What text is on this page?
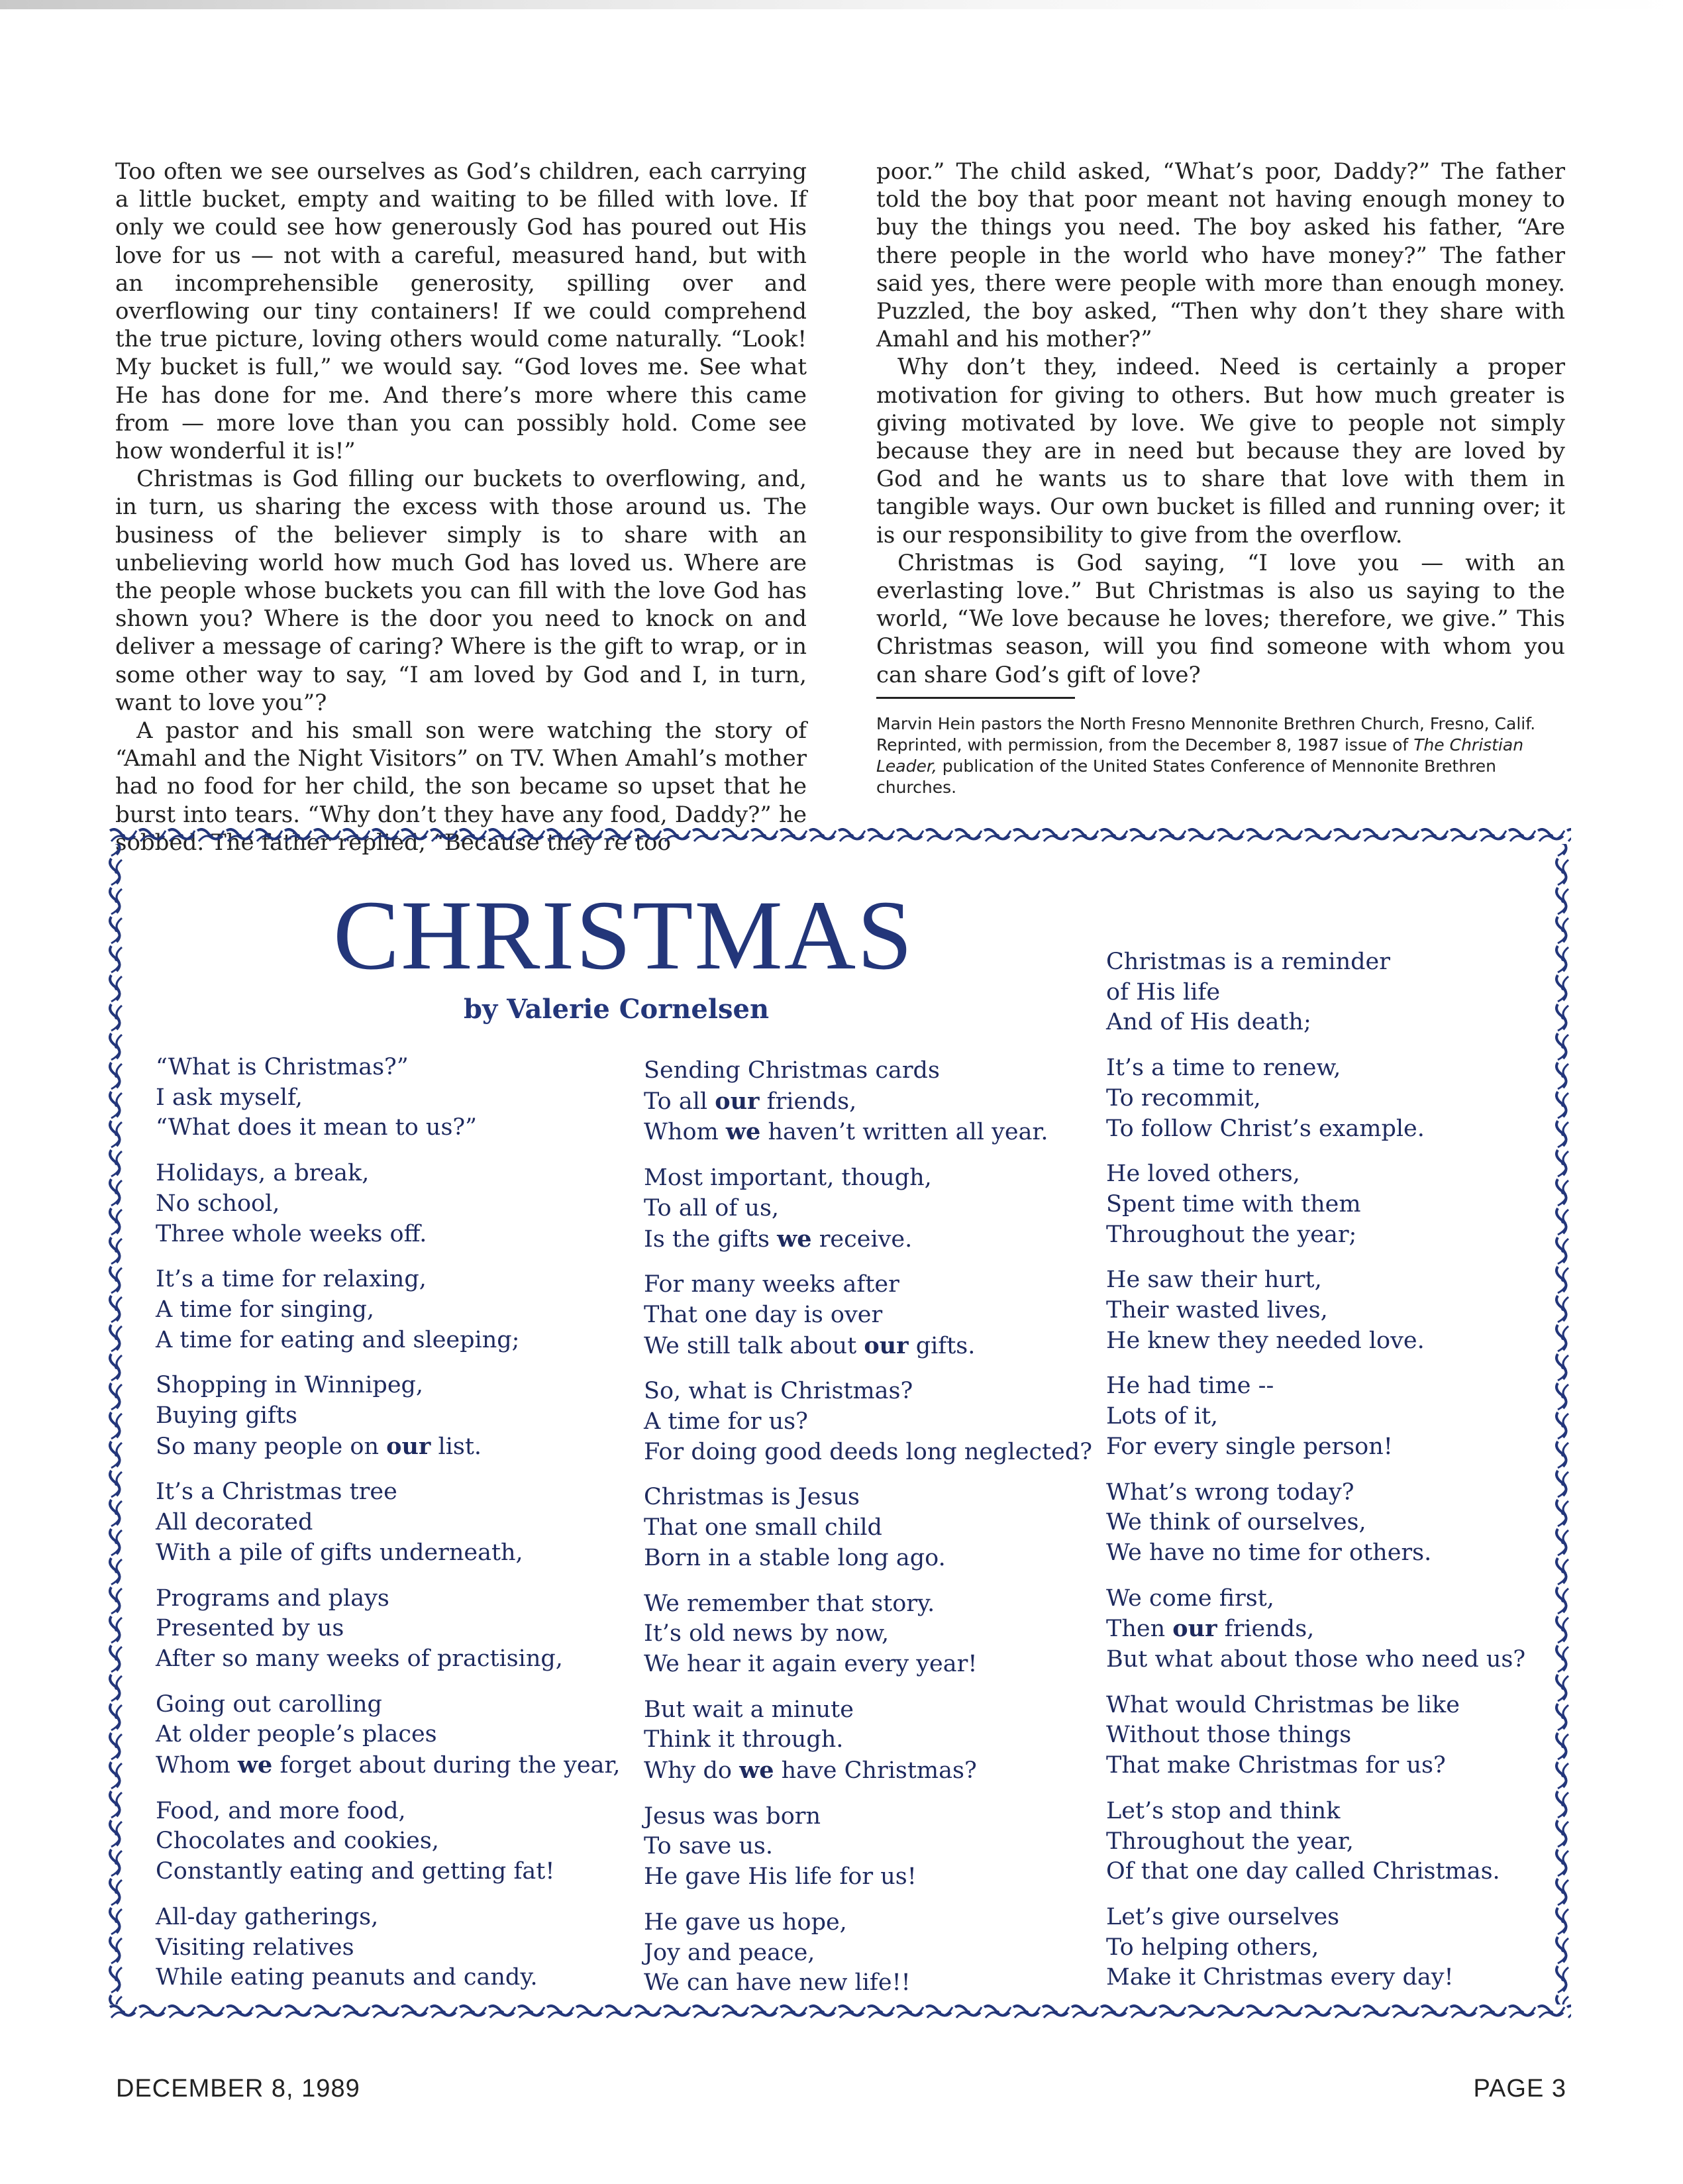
Too often we see ourselves as God’s children, each carrying a little bucket, empty and waiting to be filled with love. If only we could see how generously God has poured out His love for us — not with a careful, measured hand, but with an incomprehensible generosity, spilling over and overflowing our tiny containers! If we could comprehend the true picture, loving others would come naturally. “Look! My bucket is full,” we would say. “God loves me. See what He has done for me. And there’s more where this came from — more love than you can possibly hold. Come see how wonderful it is!”

Christmas is God filling our buckets to overflowing, and, in turn, us sharing the excess with those around us. The business of the believer simply is to share with an unbelieving world how much God has loved us. Where are the people whose buckets you can fill with the love God has shown you? Where is the door you need to knock on and deliver a message of caring? Where is the gift to wrap, or in some other way to say, “I am loved by God and I, in turn, want to love you”?

A pastor and his small son were watching the story of “Amahl and the Night Visitors” on TV. When Amahl’s mother had no food for her child, the son became so upset that he burst into tears. “Why don’t they have any food, Daddy?” he

poor.” The child asked, “What’s poor, Daddy?” The father told the boy that poor meant not having enough money to buy the things you need. The boy asked his father, “Are there people in the world who have money?” The father said yes, there were people with more than enough money. Puzzled, the boy asked, “Then why don’t they share with Amahl and his mother?”

Why don’t they, indeed. Need is certainly a proper motivation for giving to others. But how much greater is giving motivated by love. We give to people not simply because they are in need but because they are loved by God and he wants us to share that love with them in tangible ways. Our own bucket is filled and running over; it is our responsibility to give from the overflow.

Christmas is God saying, “I love you — with an everlasting love.” But Christmas is also us saying to the world, “We love because he loves; therefore, we give.” This Christmas season, will you find someone with whom you can share God’s gift of love?

Marvin Hein pastors the North Fresno Mennonite Brethren Church, Fresno, Calif. Reprinted, with permission, from the December 8, 1987 issue of The Christian Leader, publication of the United States Conference of Mennonite Brethren churches.
CHRISTMAS

by Valerie Cornelsen

“What is Christmas?”
I ask myself,
“What does it mean to us?”
Holidays, a break,
No school,
Three whole weeks off.
It’s a time for relaxing,
A time for singing,
A time for eating and sleeping;
Shopping in Winnipeg,
Buying gifts
So many people on our list.
It’s a Christmas tree
All decorated
With a pile of gifts underneath,
Programs and plays
Presented by us
After so many weeks of practising,
Going out carolling
At older people’s places
Whom we forget about during the year,
Food, and more food,
Chocolates and cookies,
Constantly eating and getting fat!
All-day gatherings,
Visiting relatives
While eating peanuts and candy.
Sending Christmas cards
To all our friends,
Whom we haven’t written all year.
Most important, though,
To all of us,
Is the gifts we receive.
For many weeks after
That one day is over
We still talk about our gifts.
So, what is Christmas?
A time for us?
For doing good deeds long neglected?
Christmas is Jesus
That one small child
Born in a stable long ago.
We remember that story.
It’s old news by now,
We hear it again every year!
But wait a minute
Think it through.
Why do we have Christmas?
Jesus was born
To save us.
He gave His life for us!
He gave us hope,
Joy and peace,
We can have new life!!
Christmas is a reminder
of His life
And of His death;
It’s a time to renew,
To recommit,
To follow Christ’s example.
He loved others,
Spent time with them
Throughout the year;
He saw their hurt,
Their wasted lives,
He knew they needed love.
He had time --
Lots of it,
For every single person!
What’s wrong today?
We think of ourselves,
We have no time for others.
We come first,
Then our friends,
But what about those who need us?
What would Christmas be like
Without those things
That make Christmas for us?
Let’s stop and think
Throughout the year,
Of that one day called Christmas.
Let’s give ourselves
To helping others,
Make it Christmas every day!
DECEMBER 8, 1989	PAGE 3
